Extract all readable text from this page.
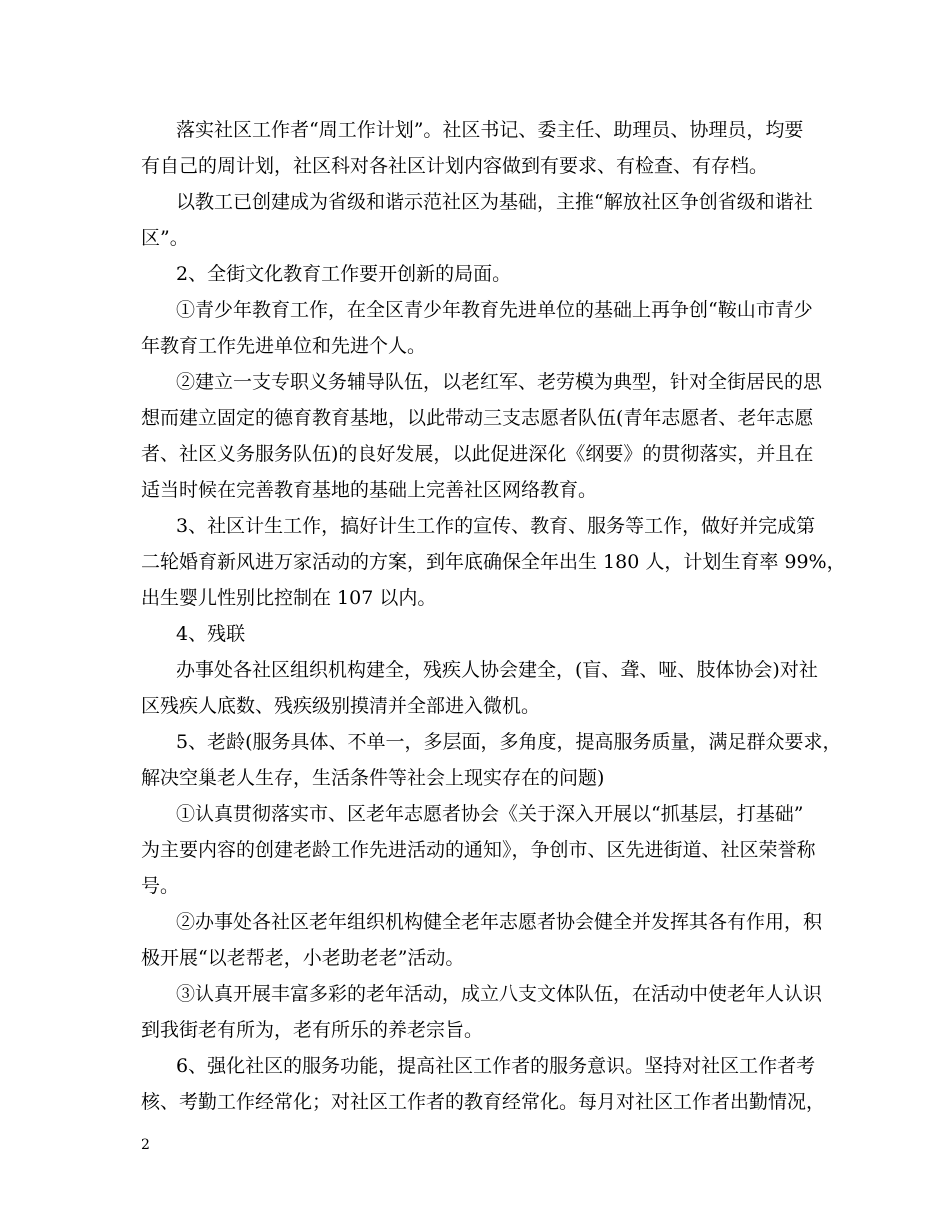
落实社区工作者“周工作计划”。社区书记、委主任、助理员、协理员，均要
有自己的周计划，社区科对各社区计划内容做到有要求、有检查、有存档。
以教工已创建成为省级和谐示范社区为基础，主推“解放社区争创省级和谐社
区”。
2、全街文化教育工作要开创新的局面。
①青少年教育工作，在全区青少年教育先进单位的基础上再争创“鞍山市青少
年教育工作先进单位和先进个人。
②建立一支专职义务辅导队伍，以老红军、老劳模为典型，针对全街居民的思
想而建立固定的德育教育基地，以此带动三支志愿者队伍(青年志愿者、老年志愿
者、社区义务服务队伍)的良好发展，以此促进深化《纲要》的贯彻落实，并且在
适当时候在完善教育基地的基础上完善社区网络教育。
3、社区计生工作，搞好计生工作的宣传、教育、服务等工作，做好并完成第
二轮婚育新风进万家活动的方案，到年底确保全年出生 180 人，计划生育率 99%，
出生婴儿性别比控制在 107 以内。
4、残联
办事处各社区组织机构建全，残疾人协会建全，(盲、聋、哑、肢体协会)对社
区残疾人底数、残疾级别摸清并全部进入微机。
5、老龄(服务具体、不单一，多层面，多角度，提高服务质量，满足群众要求，
解决空巢老人生存，生活条件等社会上现实存在的问题)
①认真贯彻落实市、区老年志愿者协会《关于深入开展以“抓基层，打基础”
为主要内容的创建老龄工作先进活动的通知》，争创市、区先进街道、社区荣誉称
号。
②办事处各社区老年组织机构健全老年志愿者协会健全并发挥其各有作用，积
极开展“以老帮老，小老助老老”活动。
③认真开展丰富多彩的老年活动，成立八支文体队伍，在活动中使老年人认识
到我街老有所为，老有所乐的养老宗旨。
6、强化社区的服务功能，提高社区工作者的服务意识。坚持对社区工作者考
核、考勤工作经常化；对社区工作者的教育经常化。每月对社区工作者出勤情况，
2
